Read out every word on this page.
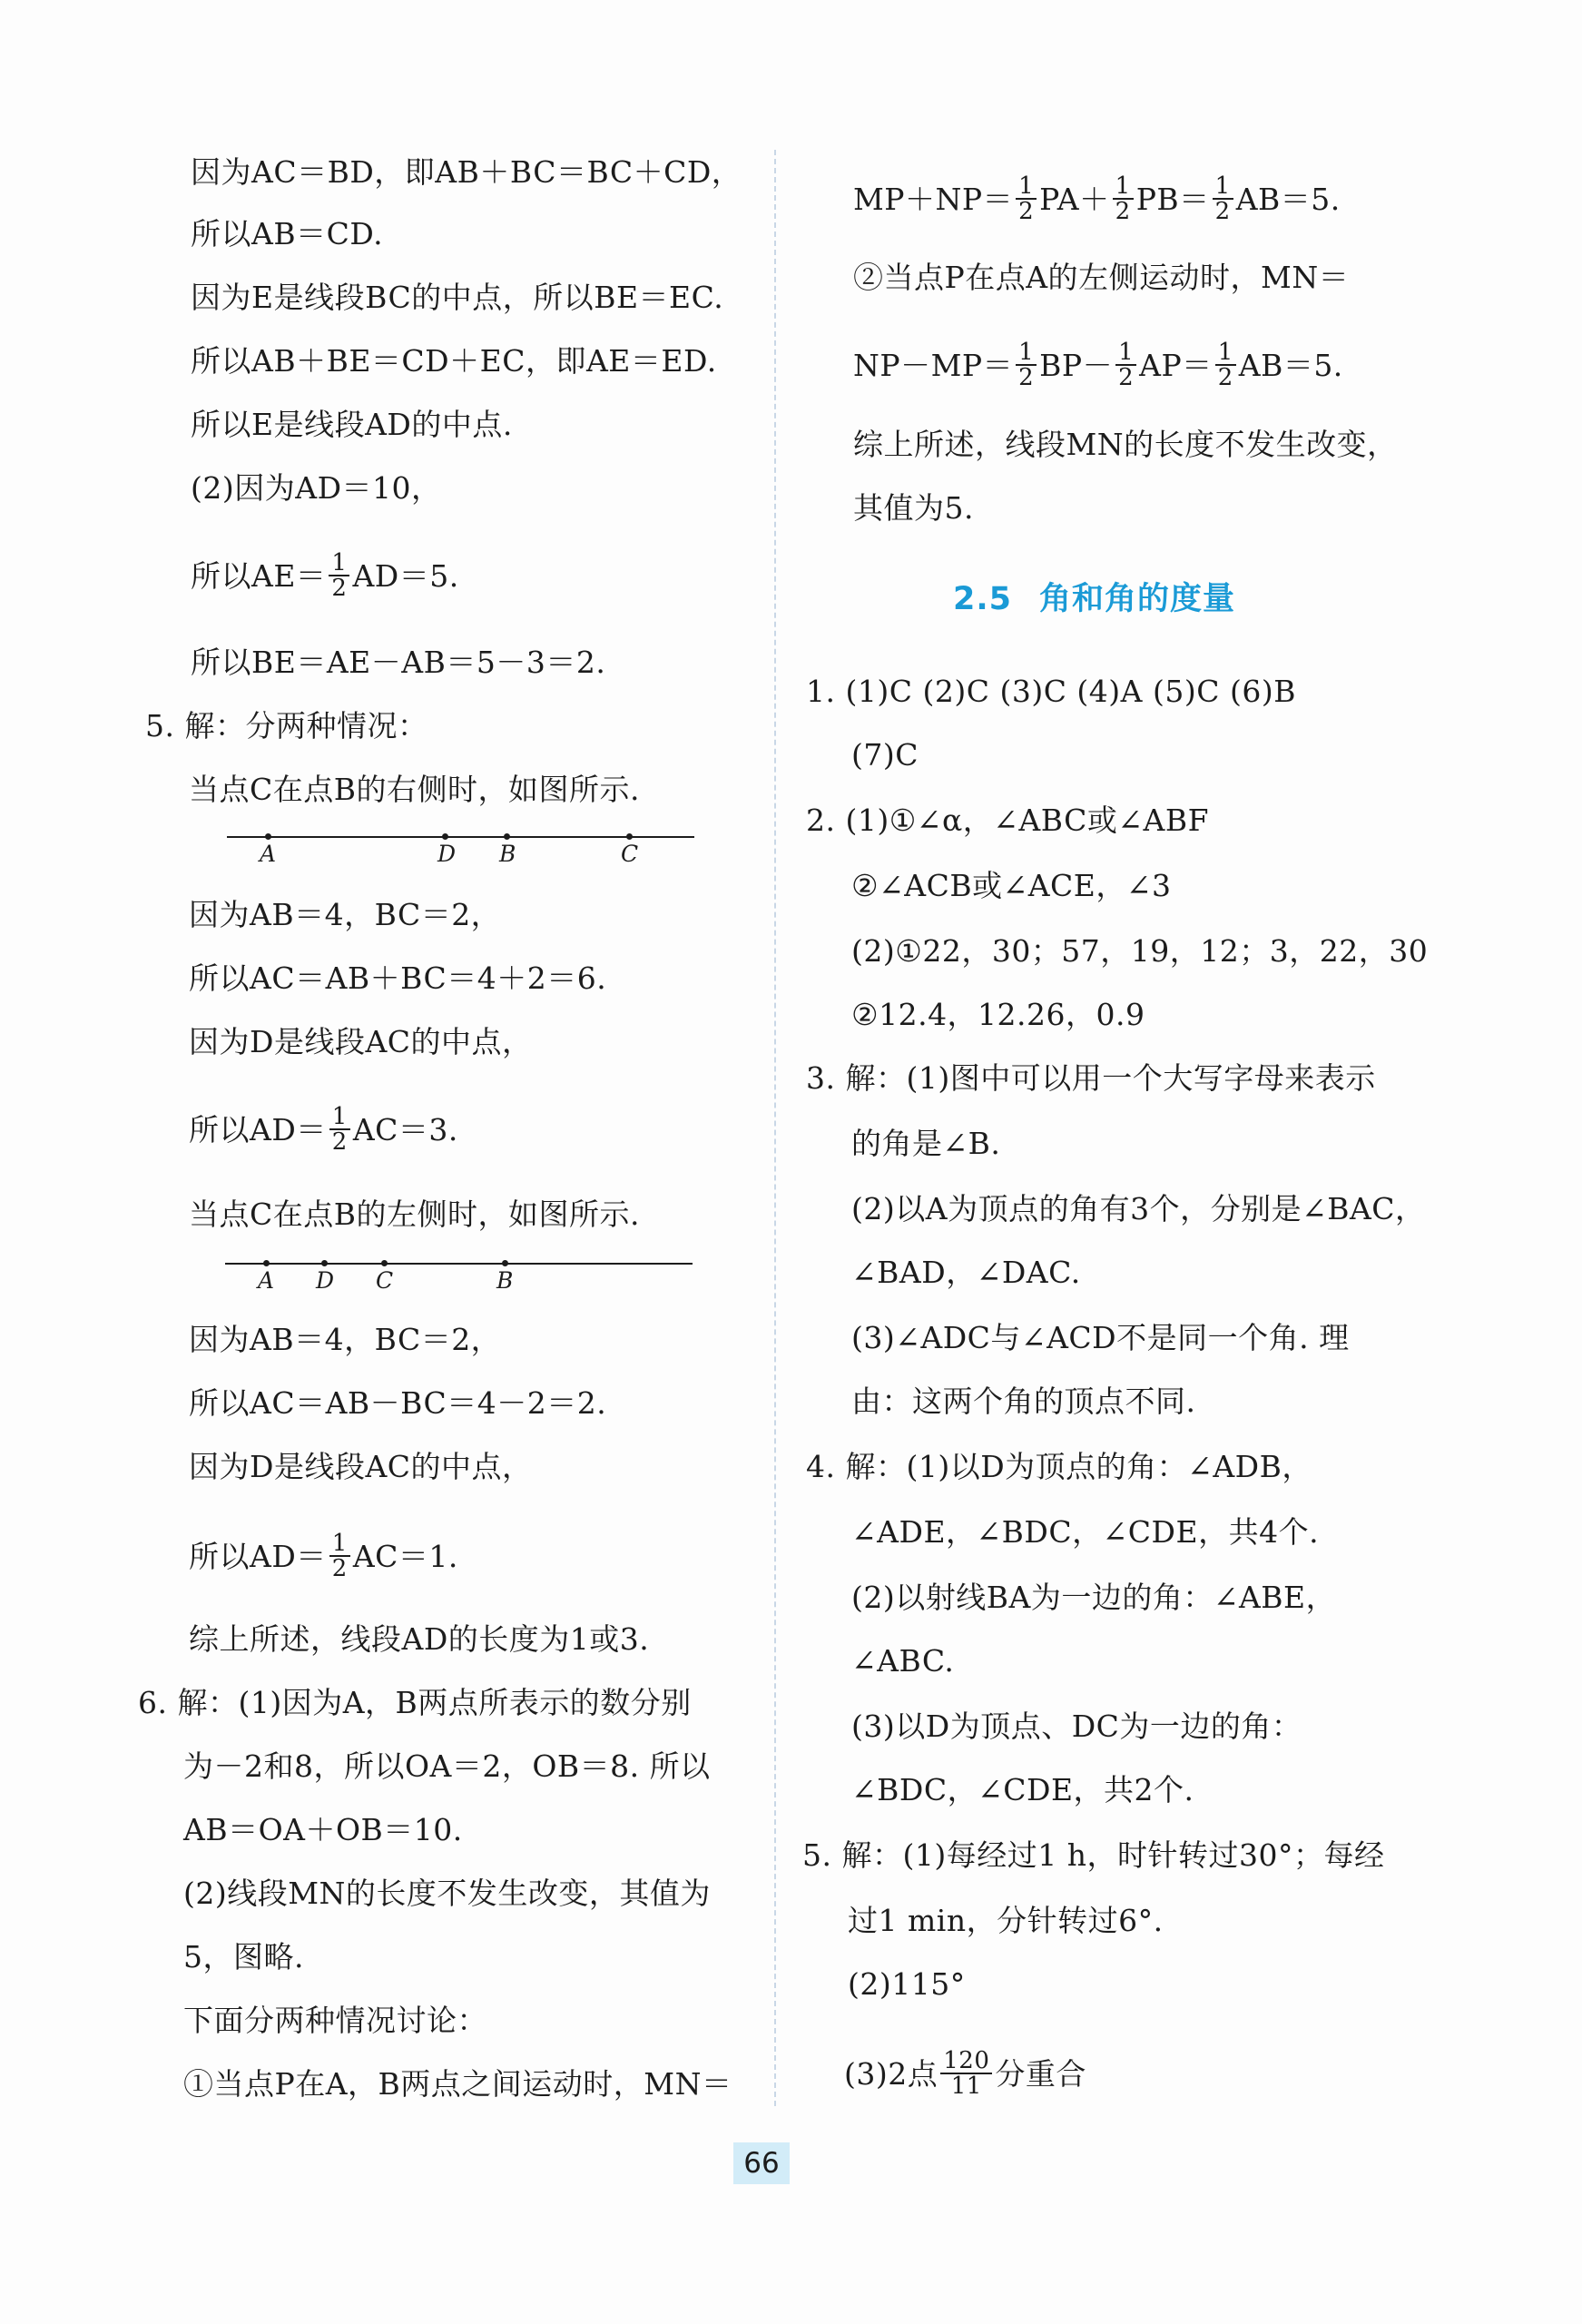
因为AC＝BD，即AB＋BC＝BC＋CD，
所以AB＝CD.
因为E是线段BC的中点，所以BE＝EC.
所以AB＋BE＝CD＋EC，即AE＝ED.
所以E是线段AD的中点.
(2)因为AD＝10，
所以$AE= \frac{1}{2} AD=5$.
所以BE＝AE－AB＝5－3＝2.
5. 解：分两种情况：
当点C在点B的右侧时，如图所示.
A	D B	C
因为AB＝4，BC＝2，
所以AC＝AB＋BC＝4＋2＝6.
因为D是线段AC的中点，
所以$AD= \frac{1}{2} AC=3$.
当点C在点B的左侧时，如图所示.
A D C	B
因为AB＝4，BC＝2，
所以AC＝AB－BC＝4－2＝2.
因为D是线段AC的中点，
所以$AD= \frac{1}{2} AC=1$.
综上所述，线段AD的长度为1或3.
6. 解：(1)因为A，B两点所表示的数分别
为－2和8，所以OA＝2，OB＝8. 所以
AB＝OA＋OB＝10.
(2)线段MN的长度不发生改变，其值为
5，图略.
下面分两种情况讨论：
①当点P在A，B两点之间运动时，MN＝
$MP+NP= \frac{1}{2} PA+ \frac{1}{2} PB= \frac{1}{2} AB=5$.
②当点P在点A的左侧运动时，MN＝
$NP-MP= \frac{1}{2} BP- \frac{1}{2} AP= \frac{1}{2} AB=5$.
综上所述，线段MN的长度不发生改变，
其值为5.
2.5 角和角的度量
1. (1)C (2)C (3)C (4)A (5)C (6)B
(7)C
2. (1)①∠α，∠ABC或∠ABF
②∠ACB或∠ACE，∠3
(2)①22，30；57，19，12；3，22，30
②12.4，12.26，0.9
3. 解：(1)图中可以用一个大写字母来表示
的角是∠B.
(2)以A为顶点的角有3个，分别是∠BAC，
∠BAD，∠DAC.
(3)∠ADC与∠ACD不是同一个角. 理
由：这两个角的顶点不同.
4. 解：(1)以D为顶点的角：∠ADB，
∠ADE，∠BDC，∠CDE，共4个.
(2)以射线BA为一边的角：∠ABE，
∠ABC.
(3)以D为顶点、DC为一边的角：
∠BDC，∠CDE，共2个.
5. 解：(1)每经过1 h，时针转过30°；每经
过1 min，分针转过6°.
(2)115°
(3)2点 $\frac{120}{11}$ 分重合
66
